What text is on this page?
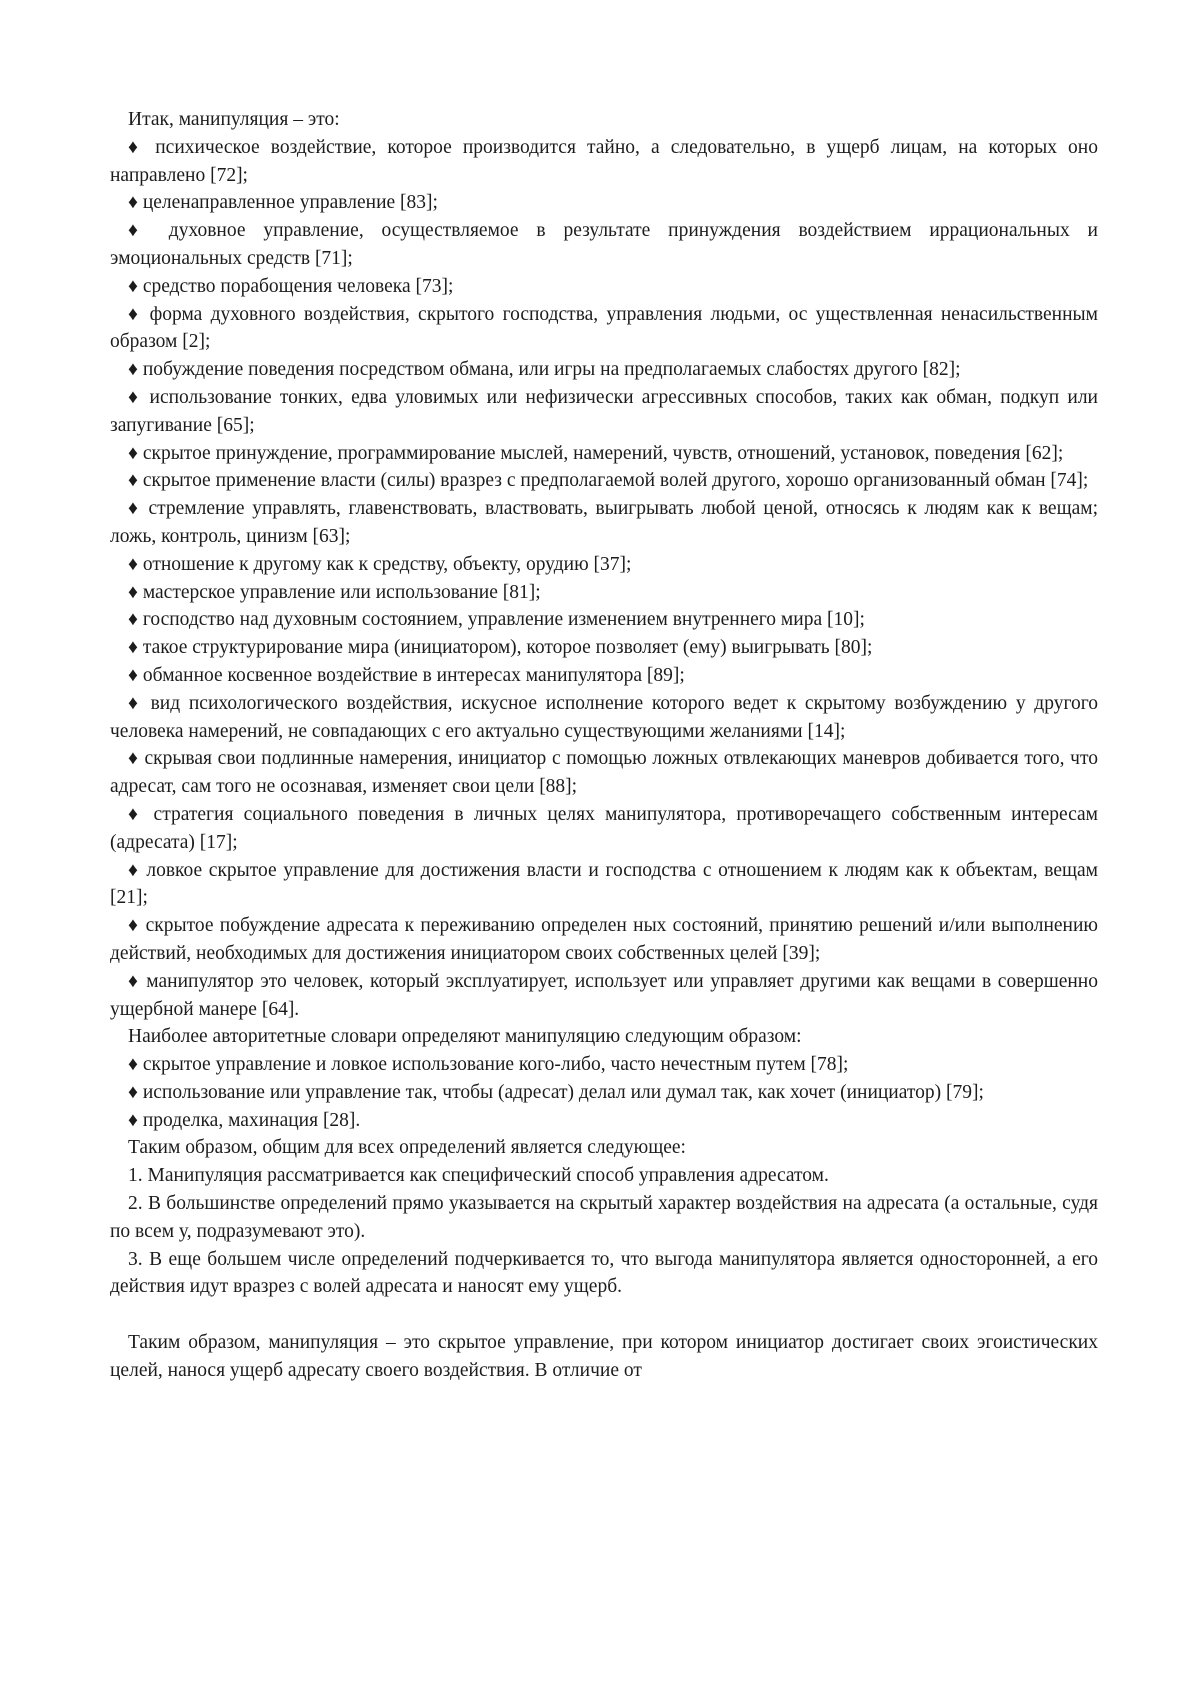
Итак, манипуляция – это:

♦ психическое воздействие, которое производится тайно, а следовательно, в ущерб лицам, на которых оно направлено [72];

♦ целенаправленное управление [83];

♦ духовное управление, осуществляемое в результате принуждения воздействием иррациональных и эмоциональных средств [71];

♦ средство порабощения человека [73];

♦ форма духовного воздействия, скрытого господства, управления людьми, ос уществленная ненасильственным образом [2];

♦ побуждение поведения посредством обмана, или игры на предполагаемых слабостях другого [82];

♦ использование тонких, едва уловимых или нефизически агрессивных способов, таких как обман, подкуп или запугивание [65];

♦ скрытое принуждение, программирование мыслей, намерений, чувств, отношений, установок, поведения [62];

♦ скрытое применение власти (силы) вразрез с предполагаемой волей другого, хорошо организованный обман [74];

♦ стремление управлять, главенствовать, властвовать, выигрывать любой ценой, относясь к людям как к вещам; ложь, контроль, цинизм [63];

♦ отношение к другому как к средству, объекту, орудию [37];

♦ мастерское управление или использование [81];

♦ господство над духовным состоянием, управление изменением внутреннего мира [10];

♦ такое структурирование мира (инициатором), которое позволяет (ему) выигрывать [80];

♦ обманное косвенное воздействие в интересах манипулятора [89];

♦ вид психологического воздействия, искусное исполнение которого ведет к скрытому возбуждению у другого человека намерений, не совпадающих с его актуально существующими желаниями [14];

♦ скрывая свои подлинные намерения, инициатор с помощью ложных отвлекающих маневров добивается того, что адресат, сам того не осознавая, изменяет свои цели [88];

♦ стратегия социального поведения в личных целях манипулятора, противоречащего собственным интересам (адресата) [17];

♦ ловкое скрытое управление для достижения власти и господства с отношением к людям как к объектам, вещам [21];

♦ скрытое побуждение адресата к переживанию определен ных состояний, принятию решений и/или выполнению действий, необходимых для достижения инициатором своих собственных целей [39];

♦ манипулятор это человек, который эксплуатирует, использует или управляет другими как вещами в совершенно ущербной манере [64].

Наиболее авторитетные словари определяют манипуляцию следующим образом:

♦ скрытое управление и ловкое использование кого-либо, часто нечестным путем [78];

♦ использование или управление так, чтобы (адресат) делал или думал так, как хочет (инициатор) [79];

♦ проделка, махинация [28].

Таким образом, общим для всех определений является следующее:

1. Манипуляция рассматривается как специфический способ управления адресатом.

2. В большинстве определений прямо указывается на скрытый характер воздействия на адресата (а остальные, судя по всем у, подразумевают это).

3. В еще большем числе определений подчеркивается то, что выгода манипулятора является односторонней, а его действия идут вразрез с волей адресата и наносят ему ущерб.

Таким образом, манипуляция – это скрытое управление, при котором инициатор достигает своих эгоистических целей, нанося ущерб адресату своего воздействия. В отличие от
